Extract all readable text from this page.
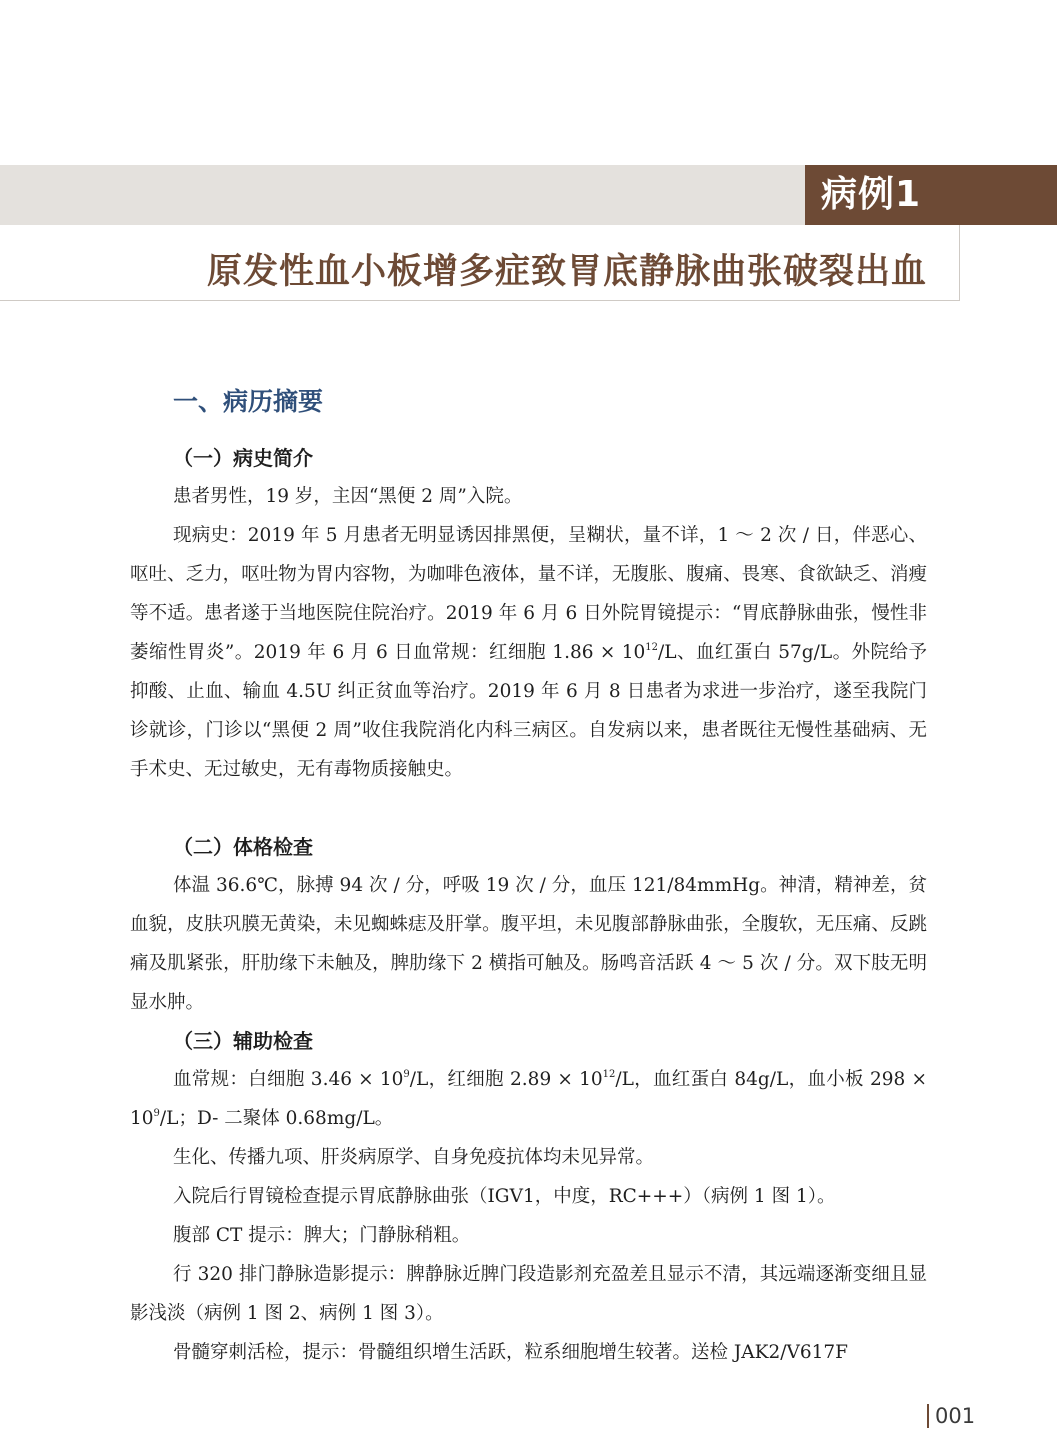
病例1
原发性血小板增多症致胃底静脉曲张破裂出血
一、病历摘要
（一）病史简介

患者男性，19 岁，主因“黑便 2 周”入院。

现病史：2019 年 5 月患者无明显诱因排黑便，呈糊状，量不详，1 ～ 2 次 / 日，伴恶心、呕吐、乏力，呕吐物为胃内容物，为咖啡色液体，量不详，无腹胀、腹痛、畏寒、食欲缺乏、消瘦等不适。患者遂于当地医院住院治疗。2019 年 6 月 6 日外院胃镜提示：“胃底静脉曲张，慢性非萎缩性胃炎”。2019 年 6 月 6 日血常规：红细胞 $1.86 \times 10^{12}/L$、血红蛋白 57g/L。外院给予抑酸、止血、输血 4.5U 纠正贫血等治疗。2019 年 6 月 8 日患者为求进一步治疗，遂至我院门诊就诊，门诊以“黑便 2 周”收住我院消化内科三病区。自发病以来，患者既往无慢性基础病、无手术史、无过敏史，无有毒物质接触史。

（二）体格检查

体温 36.6℃，脉搏 94 次 / 分，呼吸 19 次 / 分，血压 121/84mmHg。神清，精神差，贫血貌，皮肤巩膜无黄染，未见蜘蛛痣及肝掌。腹平坦，未见腹部静脉曲张，全腹软，无压痛、反跳痛及肌紧张，肝肋缘下未触及，脾肋缘下 2 横指可触及。肠鸣音活跃 4 ～ 5 次 / 分。双下肢无明显水肿。

（三）辅助检查

血常规：白细胞 $3.46 \times 10^9/L$，红细胞 $2.89 \times 10^{12}/L$，血红蛋白 84g/L，血小板 $298 \times 10^9/L$；D- 二聚体 0.68mg/L。

生化、传播九项、肝炎病原学、自身免疫抗体均未见异常。

入院后行胃镜检查提示胃底静脉曲张（IGV1，中度，RC+++）（病例 1 图 1）。

腹部 CT 提示：脾大；门静脉稍粗。

行 320 排门静脉造影提示：脾静脉近脾门段造影剂充盈差且显示不清，其远端逐渐变细且显影浅淡（病例 1 图 2、病例 1 图 3）。

骨髓穿刺活检，提示：骨髓组织增生活跃，粒系细胞增生较著。送检 JAK2/V617F

001
